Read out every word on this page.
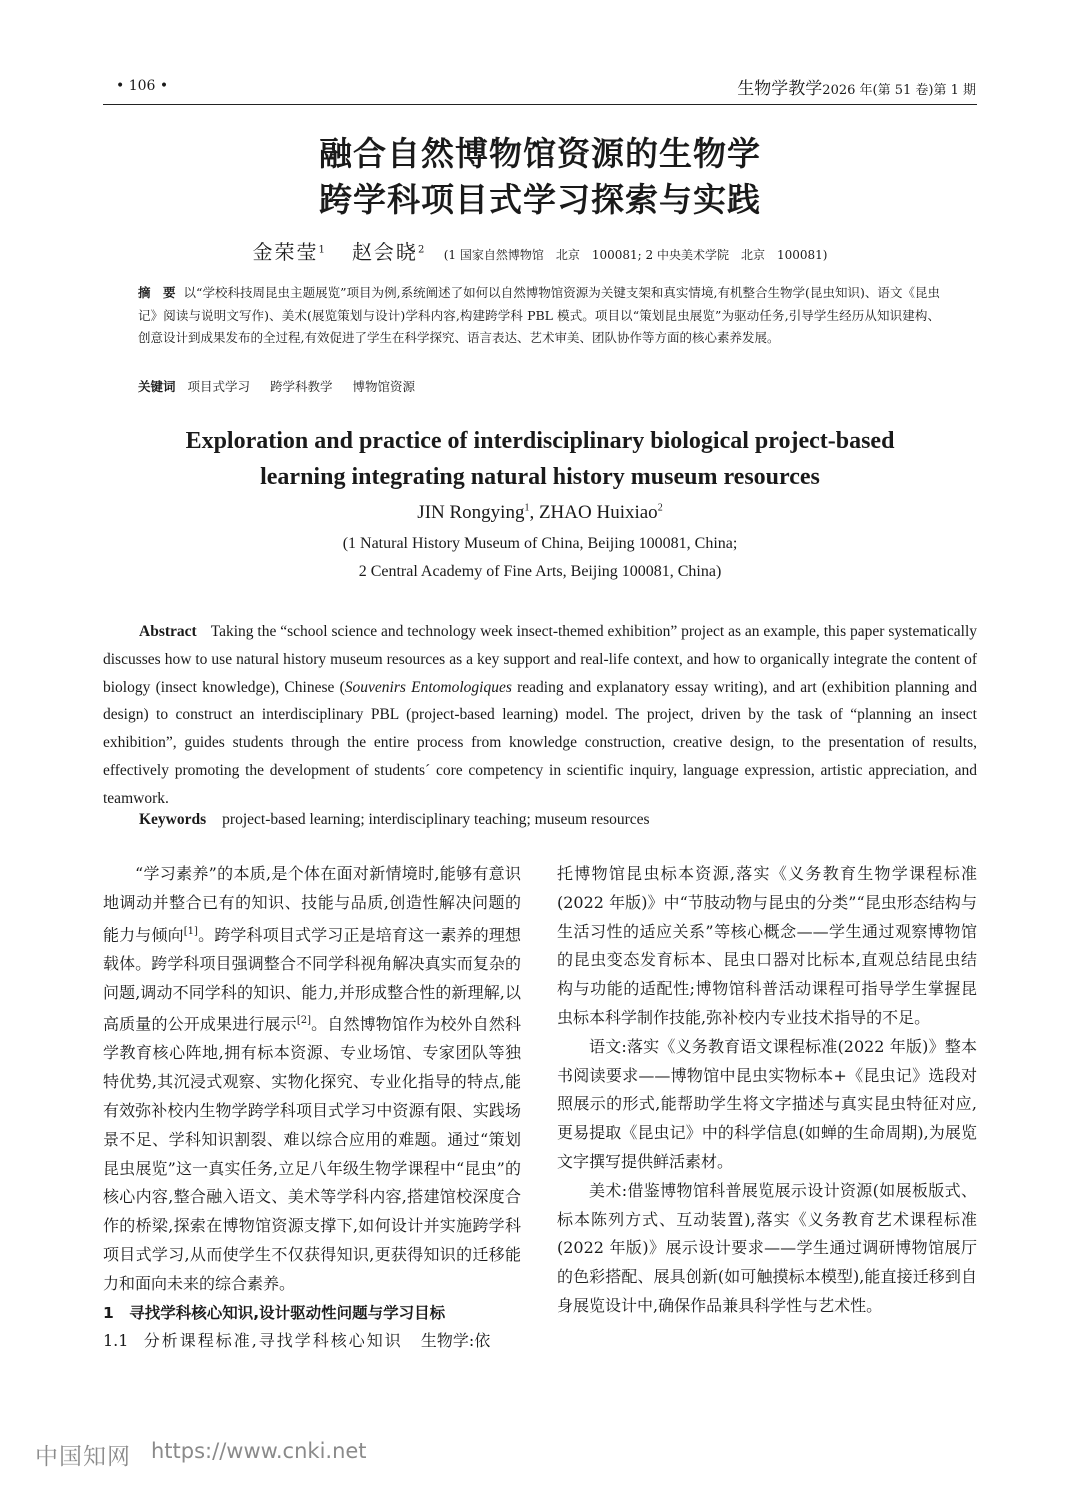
• 106 •	生物学教学2026 年(第 51 卷)第 1 期
融合自然博物馆资源的生物学
跨学科项目式学习探索与实践
金荣莹$^1$ 赵会晓$^2$ (1 国家自然博物馆　北京　100081; 2 中央美术学院　北京　100081)
摘　要 以“学校科技周昆虫主题展览”项目为例,系统阐述了如何以自然博物馆资源为关键支架和真实情境,有机整合生物学(昆虫知识)、语文《昆虫记》阅读与说明文写作)、美术(展览策划与设计)学科内容,构建跨学科 PBL 模式。项目以“策划昆虫展览”为驱动任务,引导学生经历从知识建构、创意设计到成果发布的全过程,有效促进了学生在科学探究、语言表达、艺术审美、团队协作等方面的核心素养发展。
关键词 项目式学习 跨学科教学 博物馆资源
Exploration and practice of interdisciplinary biological project-based
learning integrating natural history museum resources
JIN Rongying$^1$, ZHAO Huixiao$^2$
(1 Natural History Museum of China, Beijing 100081, China;
2 Central Academy of Fine Arts, Beijing 100081, China)
Abstract Taking the “school science and technology week insect-themed exhibition” project as an example, this paper systematically discusses how to use natural history museum resources as a key support and real-life context, and how to organically integrate the content of biology (insect knowledge), Chinese (Souvenirs Entomologiques reading and explanatory essay writing), and art (exhibition planning and design) to construct an interdisciplinary PBL (project-based learning) model. The project, driven by the task of “planning an insect exhibition”, guides students through the entire process from knowledge construction, creative design, to the presentation of results, effectively promoting the development of students´ core competency in scientific inquiry, language expression, artistic appreciation, and teamwork.
Keywords project-based learning; interdisciplinary teaching; museum resources

“学习素养”的本质,是个体在面对新情境时,能够有意识地调动并整合已有的知识、技能与品质,创造性解决问题的能力与倾向[1]。跨学科项目式学习正是培育这一素养的理想载体。跨学科项目强调整合不同学科视角解决真实而复杂的问题,调动不同学科的知识、能力,并形成整合性的新理解,以高质量的公开成果进行展示[2]。自然博物馆作为校外自然科学教育核心阵地,拥有标本资源、专业场馆、专家团队等独特优势,其沉浸式观察、实物化探究、专业化指导的特点,能有效弥补校内生物学跨学科项目式学习中资源有限、实践场景不足、学科知识割裂、难以综合应用的难题。通过“策划昆虫展览”这一真实任务,立足八年级生物学课程中“昆虫”的核心内容,整合融入语文、美术等学科内容,搭建馆校深度合作的桥梁,探索在博物馆资源支撑下,如何设计并实施跨学科项目式学习,从而使学生不仅获得知识,更获得知识的迁移能力和面向未来的综合素养。

1　寻找学科核心知识,设计驱动性问题与学习目标

1.1 分析课程标准,寻找学科核心知识 生物学:依

托博物馆昆虫标本资源,落实《义务教育生物学课程标准(2022 年版)》中“节肢动物与昆虫的分类”“昆虫形态结构与生活习性的适应关系”等核心概念——学生通过观察博物馆的昆虫变态发育标本、昆虫口器对比标本,直观总结昆虫结构与功能的适配性;博物馆科普活动课程可指导学生掌握昆虫标本科学制作技能,弥补校内专业技术指导的不足。

语文:落实《义务教育语文课程标准(2022 年版)》整本书阅读要求——博物馆中昆虫实物标本+《昆虫记》选段对照展示的形式,能帮助学生将文字描述与真实昆虫特征对应,更易提取《昆虫记》中的科学信息(如蝉的生命周期),为展览文字撰写提供鲜活素材。

美术:借鉴博物馆科普展览展示设计资源(如展板版式、标本陈列方式、互动装置),落实《义务教育艺术课程标准(2022 年版)》展示设计要求——学生通过调研博物馆展厅的色彩搭配、展具创新(如可触摸标本模型),能直接迁移到自身展览设计中,确保作品兼具科学性与艺术性。

中国知网 https://www.cnki.net
